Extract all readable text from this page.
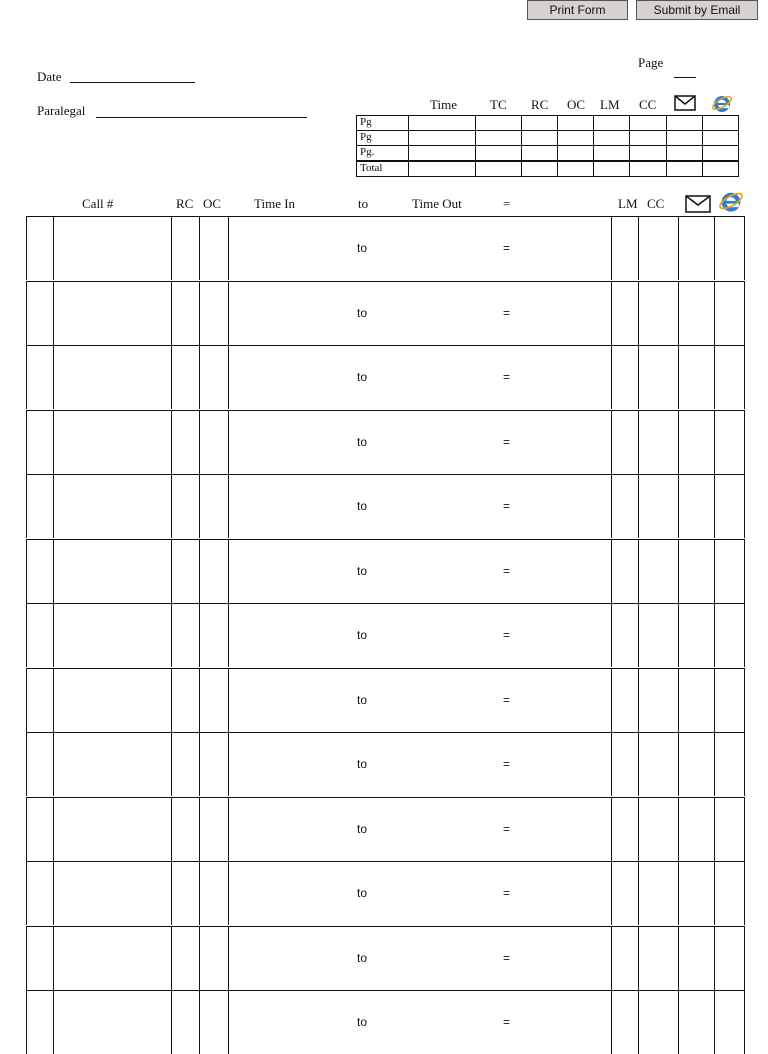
Print Form	Submit by Email
Date
Paralegal
Page
Time	TC RC OC LM CC
Pg
Pg
Pg.
Total
Call #	RC OC	Time In	to	Time Out	=	LM CC
to	=
to	=
to	=
to	=
to	=
to	=
to	=
to	=
to	=
to	=
to	=
to	=
to	=
